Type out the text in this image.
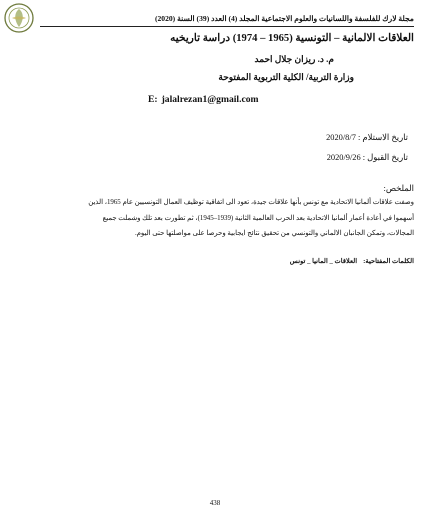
مجلة لارك للفلسفة واللسانيات والعلوم الاجتماعية المجلد (4) العدد (39) السنة (2020)
العلاقات الالمانية – التونسية (1965 – 1974) دراسة تاريخيه
م. د. ريزان جلال احمد
وزارة التربية/ الكلية التربوية المفتوحة
E: jalalrezan1@gmail.com
تاريخ الاستلام : 2020/8/7
تاريخ القبول : 2020/9/26
الملخص:
وصفت علاقات ألمانيا الاتحادية مع تونس بأنها علاقات جيدة، تعود الى اتفاقية توظيف العمال التونسيين عام 1965، الذين
أسهموا في أعادة أعمار ألمانيا الاتحادية بعد الحرب العالمية الثانية (1939–1945)، ثم تطورت بعد تلك وشملت جميع
المجالات، وتمكن الجانبان الالماني والتونسي من تحقيق نتائج ايجابية وحرصا على مواصلتها حتى اليوم.
الكلمات المفتاحية:العلاقات _ المانيا _ تونس
438
